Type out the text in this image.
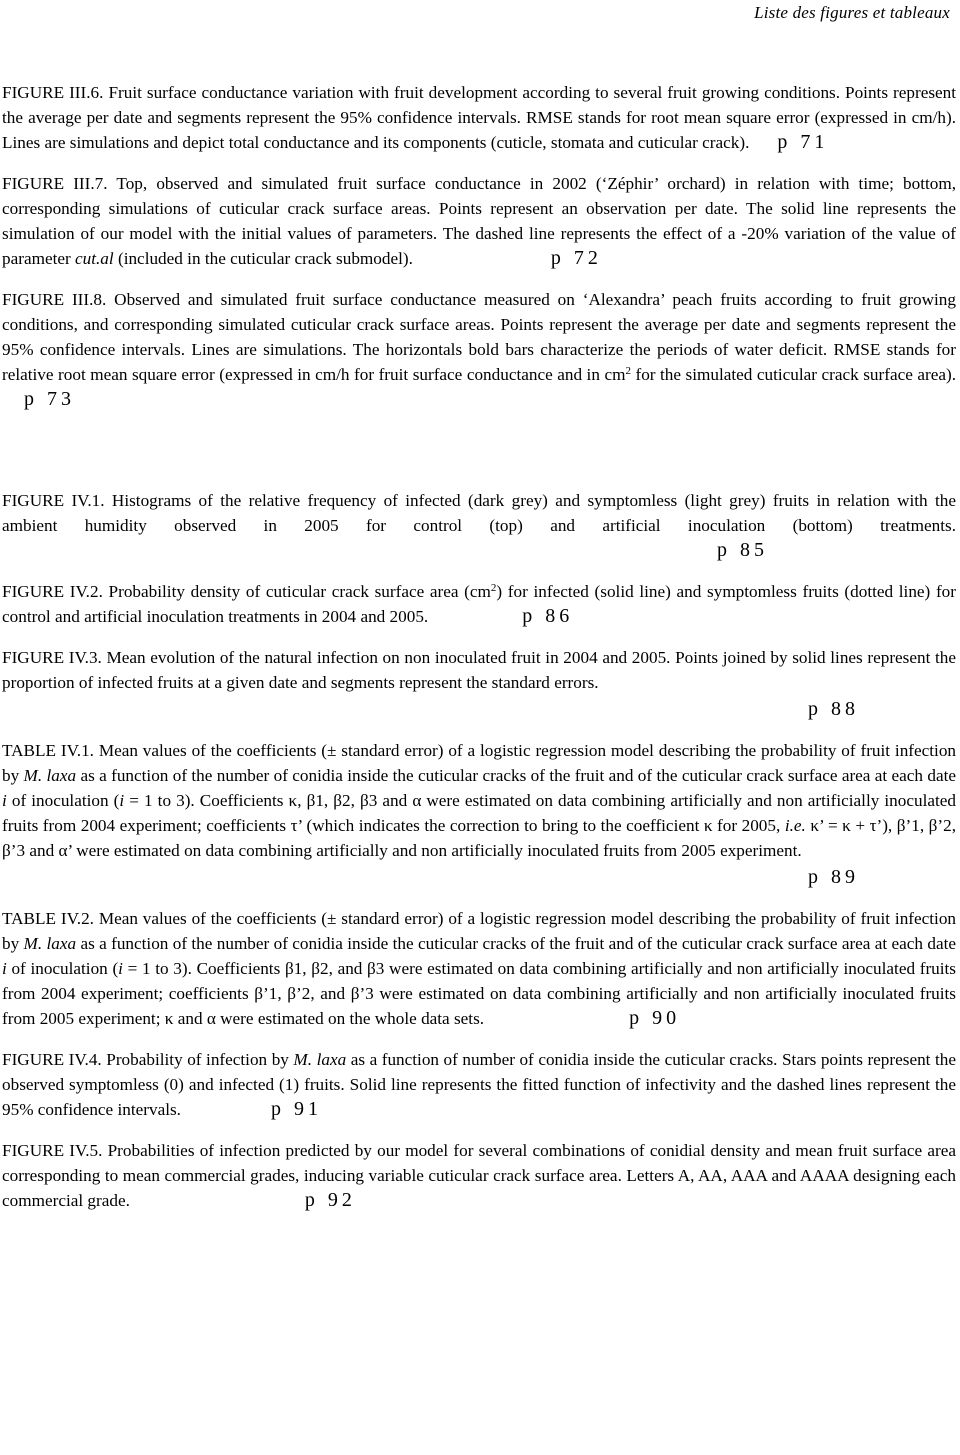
Liste des figures et tableaux

FIGURE III.6. Fruit surface conductance variation with fruit development according to several fruit growing conditions. Points represent the average per date and segments represent the 95% confidence intervals. RMSE stands for root mean square error (expressed in cm/h). Lines are simulations and depict total conductance and its components (cuticle, stomata and cuticular crack). p 71

FIGURE III.7. Top, observed and simulated fruit surface conductance in 2002 (‘Zéphir’ orchard) in relation with time; bottom, corresponding simulations of cuticular crack surface areas. Points represent an observation per date. The solid line represents the simulation of our model with the initial values of parameters. The dashed line represents the effect of a -20% variation of the value of parameter cut.al (included in the cuticular crack submodel).	p 72

FIGURE III.8. Observed and simulated fruit surface conductance measured on ‘Alexandra’ peach fruits according to fruit growing conditions, and corresponding simulated cuticular crack surface areas. Points represent the average per date and segments represent the 95% confidence intervals. Lines are simulations. The horizontals bold bars characterize the periods of water deficit. RMSE stands for relative root mean square error (expressed in cm/h for fruit surface conductance and in $cm^2$ for the simulated cuticular crack surface area).p 73

FIGURE IV.1. Histograms of the relative frequency of infected (dark grey) and symptomless (light grey) fruits in relation with the ambient humidity observed in 2005 for control (top) and artificial inoculation (bottom) treatments.p 85

FIGURE IV.2. Probability density of cuticular crack surface area $(cm^2)$ for infected (solid line) and symptomless fruits (dotted line) for control and artificial inoculation treatments in 2004 and 2005.	p 86

FIGURE IV.3. Mean evolution of the natural infection on non inoculated fruit in 2004 and 2005. Points joined by solid lines represent the proportion of infected fruits at a given date and segments represent the standard errors.
p 88

TABLE IV.1. Mean values of the coefficients (± standard error) of a logistic regression model describing the probability of fruit infection by M. laxa as a function of the number of conidia inside the cuticular cracks of the fruit and of the cuticular crack surface area at each date i of inoculation (i = 1 to 3). Coefficients κ, β1, β2, β3 and α were estimated on data combining artificially and non artificially inoculated fruits from 2004 experiment; coefficients τ’ (which indicates the correction to bring to the coefficient κ for 2005, i.e. κ’ = κ + τ’), β’1, β’2, β’3 and α’ were estimated on data combining artificially and non artificially inoculated fruits from 2005 experiment.
p 89

TABLE IV.2. Mean values of the coefficients (± standard error) of a logistic regression model describing the probability of fruit infection by M. laxa as a function of the number of conidia inside the cuticular cracks of the fruit and of the cuticular crack surface area at each date i of inoculation (i = 1 to 3). Coefficients β1, β2, and β3 were estimated on data combining artificially and non artificially inoculated fruits from 2004 experiment; coefficients β’1, β’2, and β’3 were estimated on data combining artificially and non artificially inoculated fruits from 2005 experiment; κ and α were estimated on the whole data sets.	p 90

FIGURE IV.4. Probability of infection by M. laxa as a function of number of conidia inside the cuticular cracks. Stars points represent the observed symptomless (0) and infected (1) fruits. Solid line represents the fitted function of infectivity and the dashed lines represent the 95% confidence intervals.	p 91

FIGURE IV.5. Probabilities of infection predicted by our model for several combinations of conidial density and mean fruit surface area corresponding to mean commercial grades, inducing variable cuticular crack surface area. Letters A, AA, AAA and AAAA designing each commercial grade.	p 92
